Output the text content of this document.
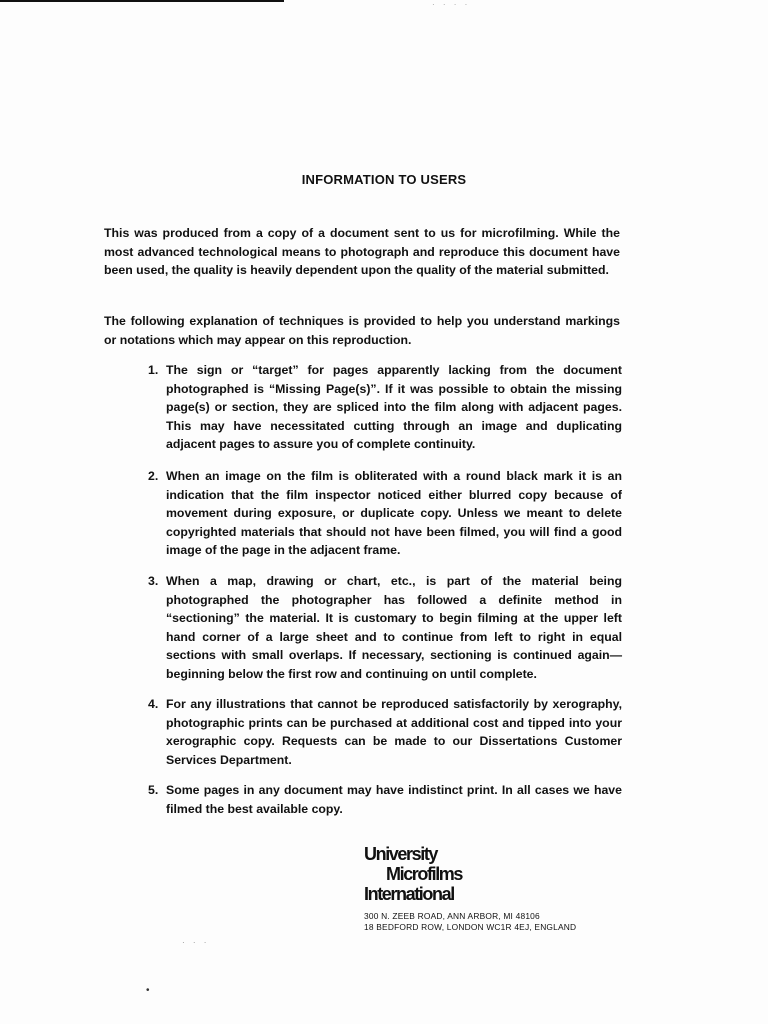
· · · ·
INFORMATION TO USERS

This was produced from a copy of a document sent to us for microfilming. While the most advanced technological means to photograph and reproduce this document have been used, the quality is heavily dependent upon the quality of the material submitted.

The following explanation of techniques is provided to help you understand markings or notations which may appear on this reproduction.

1. The sign or “target” for pages apparently lacking from the document photographed is “Missing Page(s)”. If it was possible to obtain the missing page(s) or section, they are spliced into the film along with adjacent pages. This may have necessitated cutting through an image and duplicating adjacent pages to assure you of complete continuity.

2. When an image on the film is obliterated with a round black mark it is an indication that the film inspector noticed either blurred copy because of movement during exposure, or duplicate copy. Unless we meant to delete copyrighted materials that should not have been filmed, you will find a good image of the page in the adjacent frame.

3. When a map, drawing or chart, etc., is part of the material being photographed the photographer has followed a definite method in “sectioning” the material. It is customary to begin filming at the upper left hand corner of a large sheet and to continue from left to right in equal sections with small overlaps. If necessary, sectioning is continued again—beginning below the first row and continuing on until complete.

4. For any illustrations that cannot be reproduced satisfactorily by xerography, photographic prints can be purchased at additional cost and tipped into your xerographic copy. Requests can be made to our Dissertations Customer Services Department.

5. Some pages in any document may have indistinct print. In all cases we have filmed the best available copy.

University
Microfilms
International
300 N. ZEEB ROAD, ANN ARBOR, MI 48106
18 BEDFORD ROW, LONDON WC1R 4EJ, ENGLAND
· · ·
•
